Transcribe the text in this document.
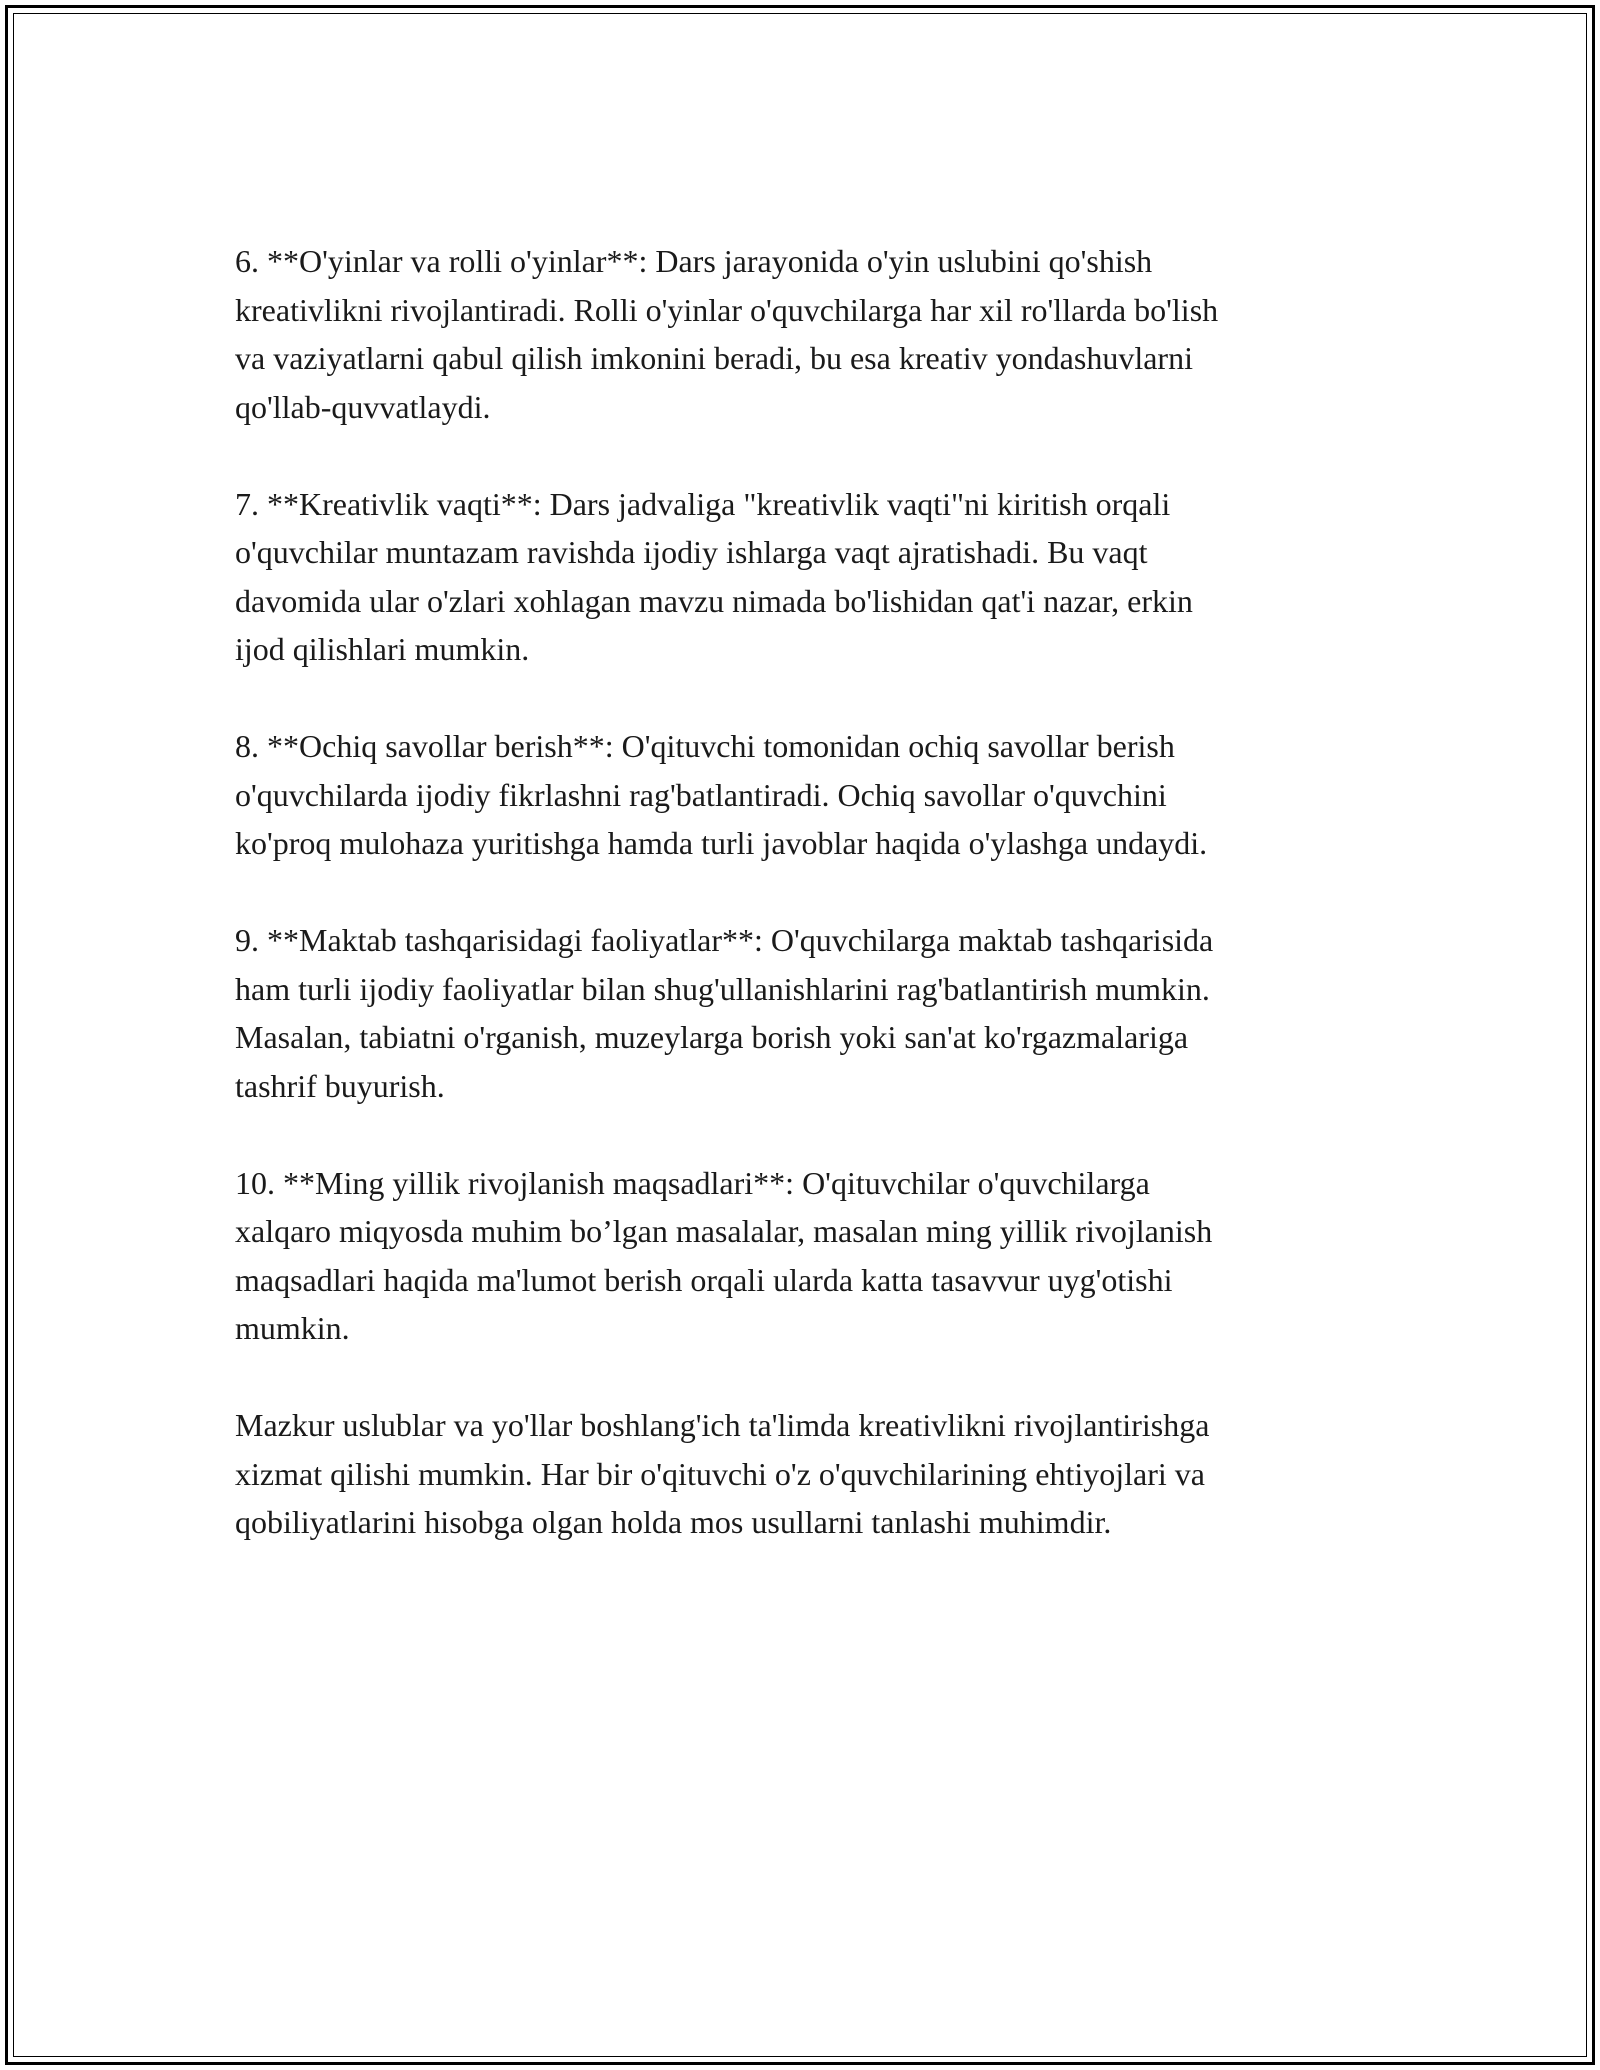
6. **O'yinlar va rolli o'yinlar**: Dars jarayonida o'yin uslubini qo'shish
kreativlikni rivojlantiradi. Rolli o'yinlar o'quvchilarga har xil ro'llarda bo'lish
va vaziyatlarni qabul qilish imkonini beradi, bu esa kreativ yondashuvlarni
qo'llab-quvvatlaydi.

7. **Kreativlik vaqti**: Dars jadvaliga "kreativlik vaqti"ni kiritish orqali
o'quvchilar muntazam ravishda ijodiy ishlarga vaqt ajratishadi. Bu vaqt
davomida ular o'zlari xohlagan mavzu nimada bo'lishidan qat'i nazar, erkin
ijod qilishlari mumkin.

8. **Ochiq savollar berish**: O'qituvchi tomonidan ochiq savollar berish
o'quvchilarda ijodiy fikrlashni rag'batlantiradi. Ochiq savollar o'quvchini
ko'proq mulohaza yuritishga hamda turli javoblar haqida o'ylashga undaydi.

9. **Maktab tashqarisidagi faoliyatlar**: O'quvchilarga maktab tashqarisida
ham turli ijodiy faoliyatlar bilan shug'ullanishlarini rag'batlantirish mumkin.
Masalan, tabiatni o'rganish, muzeylarga borish yoki san'at ko'rgazmalariga
tashrif buyurish.

10. **Ming yillik rivojlanish maqsadlari**: O'qituvchilar o'quvchilarga
xalqaro miqyosda muhim bo’lgan masalalar, masalan ming yillik rivojlanish
maqsadlari haqida ma'lumot berish orqali ularda katta tasavvur uyg'otishi
mumkin.

Mazkur uslublar va yo'llar boshlang'ich ta'limda kreativlikni rivojlantirishga
xizmat qilishi mumkin. Har bir o'qituvchi o'z o'quvchilarining ehtiyojlari va
qobiliyatlarini hisobga olgan holda mos usullarni tanlashi muhimdir.
